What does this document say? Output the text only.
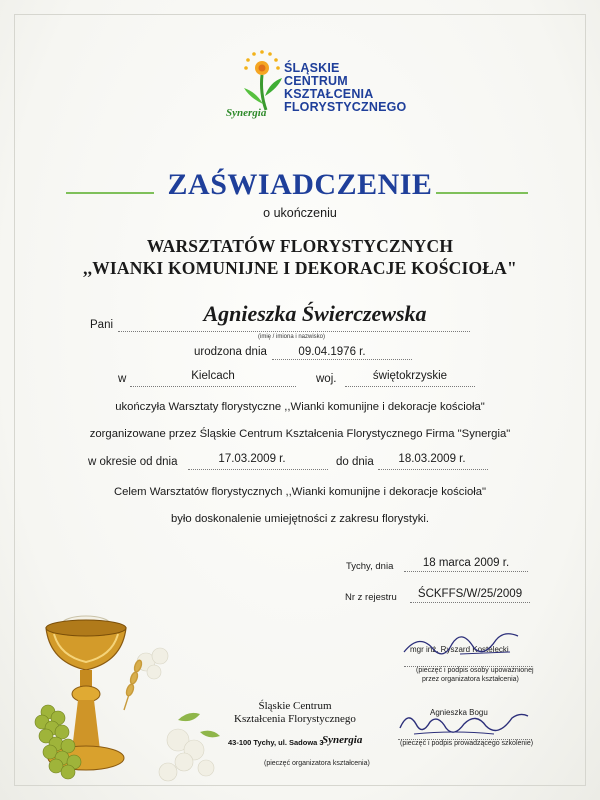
ŚLĄSKIE
CENTRUM
KSZTAŁCENIA
FLORYSTYCZNEGO
Synergia
ZAŚWIADCZENIE
o ukończeniu
WARSZTATÓW FLORYSTYCZNYCH
,,WIANKI KOMUNIJNE I DEKORACJE KOŚCIOŁA"
Pani	Agnieszka Świerczewska
(imię / imiona i nazwisko)
urodzona dnia	09.04.1976 r.
w	Kielcach	woj.	świętokrzyskie
ukończyła Warsztaty florystyczne ,,Wianki komunijne i dekoracje kościoła"
zorganizowane przez Śląskie Centrum Kształcenia Florystycznego Firma "Synergia"
w okresie od dnia	17.03.2009 r.	do dnia	18.03.2009 r.
Celem Warsztatów florystycznych ,,Wianki komunijne i dekoracje kościoła"
było doskonalenie umiejętności z zakresu florystyki.
Tychy, dnia	18 marca 2009 r.
Nr z rejestru	ŚCKFFS/W/25/2009
Śląskie Centrum
Kształcenia Florystycznego
43-100 Tychy, ul. Sadowa 3
Synergia
(pieczęć organizatora kształcenia)
mgr inż. Ryszard Kostelecki
(pieczęć i podpis osoby upoważnionej
przez organizatora kształcenia)
Agnieszka Bogu
(pieczęć i podpis prowadzącego szkolenie)
